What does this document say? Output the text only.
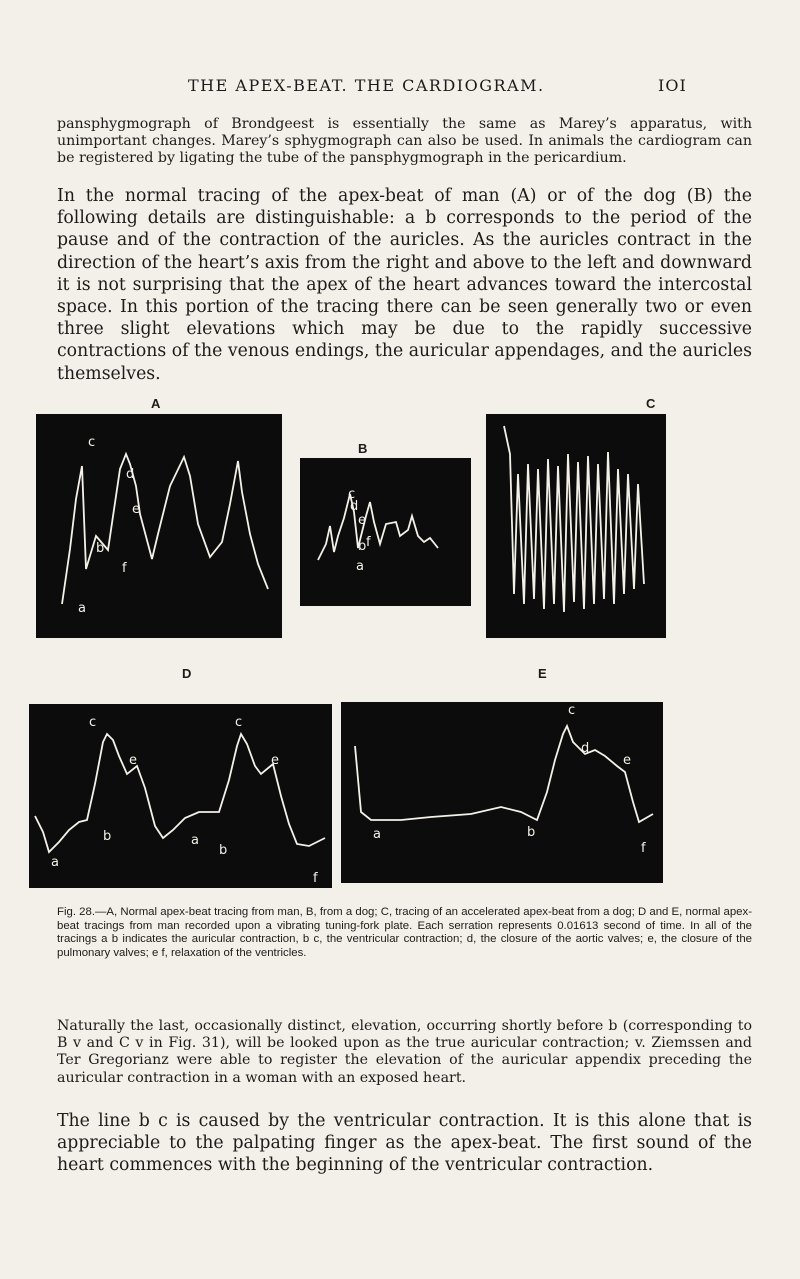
THE APEX-BEAT. THE CARDIOGRAM.	IOI

pansphygmograph of Brondgeest is essentially the same as Marey’s apparatus, with unimportant changes. Marey’s sphygmograph can also be used. In animals the cardiogram can be registered by ligating the tube of the pansphygmograph in the pericardium.

In the normal tracing of the apex-beat of man (A) or of the dog (B) the following details are distinguishable: a b corresponds to the period of the pause and of the contraction of the auricles. As the auricles contract in the direction of the heart’s axis from the right and above to the left and downward it is not surprising that the apex of the heart advances toward the intercostal space. In this portion of the tracing there can be seen generally two or even three slight elevations which may be due to the rapidly successive contractions of the venous endings, the auricular appendages, and the auricles themselves.

A	C
B
D	E
c
d
e
b
f
a
c
d
e
b f
a
c
e
b
a
c
e
b
a
f
c
d
e
a	b
f

Fig. 28.—A, Normal apex-beat tracing from man, B, from a dog; C, tracing of an accelerated apex-beat from a dog; D and E, normal apex-beat tracings from man recorded upon a vibrating tuning-fork plate. Each serration represents 0.01613 second of time. In all of the tracings a b indicates the auricular contraction, b c, the ventricular contraction; d, the closure of the aortic valves; e, the closure of the pulmonary valves; e f, relaxation of the ventricles.

Naturally the last, occasionally distinct, elevation, occurring shortly before b (corresponding to B v and C v in Fig. 31), will be looked upon as the true auricular contraction; v. Ziemssen and Ter Gregorianz were able to register the elevation of the auricular appendix preceding the auricular contraction in a woman with an exposed heart.

The line b c is caused by the ventricular contraction. It is this alone that is appreciable to the palpating finger as the apex-beat. The first sound of the heart commences with the beginning of the ventricular contraction.
